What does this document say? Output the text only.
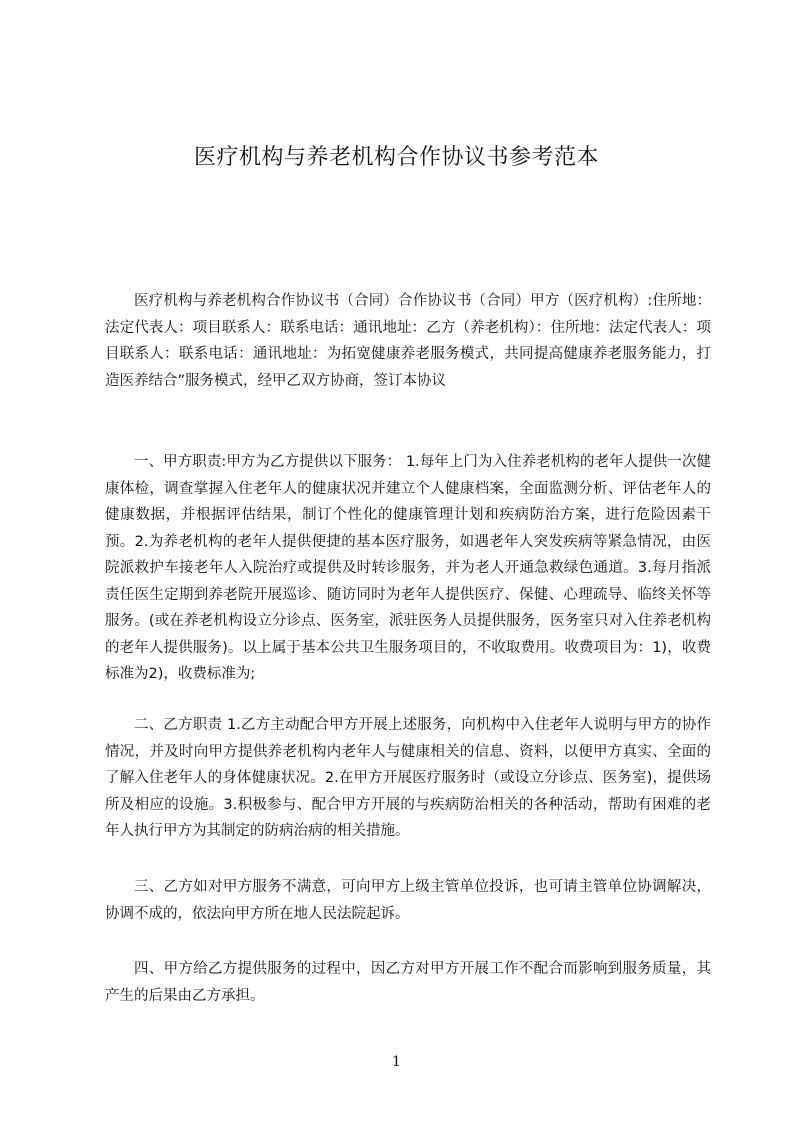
医疗机构与养老机构合作协议书参考范本

医疗机构与养老机构合作协议书（合同）合作协议书（合同）甲方（医疗机构）:住所地：法定代表人：项目联系人：联系电话：通讯地址：乙方（养老机构）：住所地：法定代表人：项目联系人：联系电话：通讯地址：为拓宽健康养老服务模式，共同提高健康养老服务能力，打造医养结合”服务模式，经甲乙双方协商，签订本协议

一、甲方职责:甲方为乙方提供以下服务： 1.每年上门为入住养老机构的老年人提供一次健康体检，调查掌握入住老年人的健康状况并建立个人健康档案，全面监测分析、评估老年人的健康数据，并根据评估结果，制订个性化的健康管理计划和疾病防治方案，进行危险因素干预。2.为养老机构的老年人提供便捷的基本医疗服务，如遇老年人突发疾病等紧急情况，由医院派救护车接老年人入院治疗或提供及时转诊服务，并为老人开通急救绿色通道。3.每月指派责任医生定期到养老院开展巡诊、随访同时为老年人提供医疗、保健、心理疏导、临终关怀等服务。(或在养老机构设立分诊点、医务室，派驻医务人员提供服务，医务室只对入住养老机构的老年人提供服务)。以上属于基本公共卫生服务项目的，不收取费用。收费项目为：1)，收费标准为2)，收费标准为;

二、乙方职责 1.乙方主动配合甲方开展上述服务，向机构中入住老年人说明与甲方的协作情况，并及时向甲方提供养老机构内老年人与健康相关的信息、资料，以便甲方真实、全面的了解入住老年人的身体健康状况。2.在甲方开展医疗服务时（或设立分诊点、医务室)，提供场所及相应的设施。3.积极参与、配合甲方开展的与疾病防治相关的各种活动，帮助有困难的老年人执行甲方为其制定的防病治病的相关措施。

三、乙方如对甲方服务不满意，可向甲方上级主管单位投诉，也可请主管单位协调解决，协调不成的，依法向甲方所在地人民法院起诉。

四、甲方给乙方提供服务的过程中，因乙方对甲方开展工作不配合而影响到服务质量，其产生的后果由乙方承担。

1
